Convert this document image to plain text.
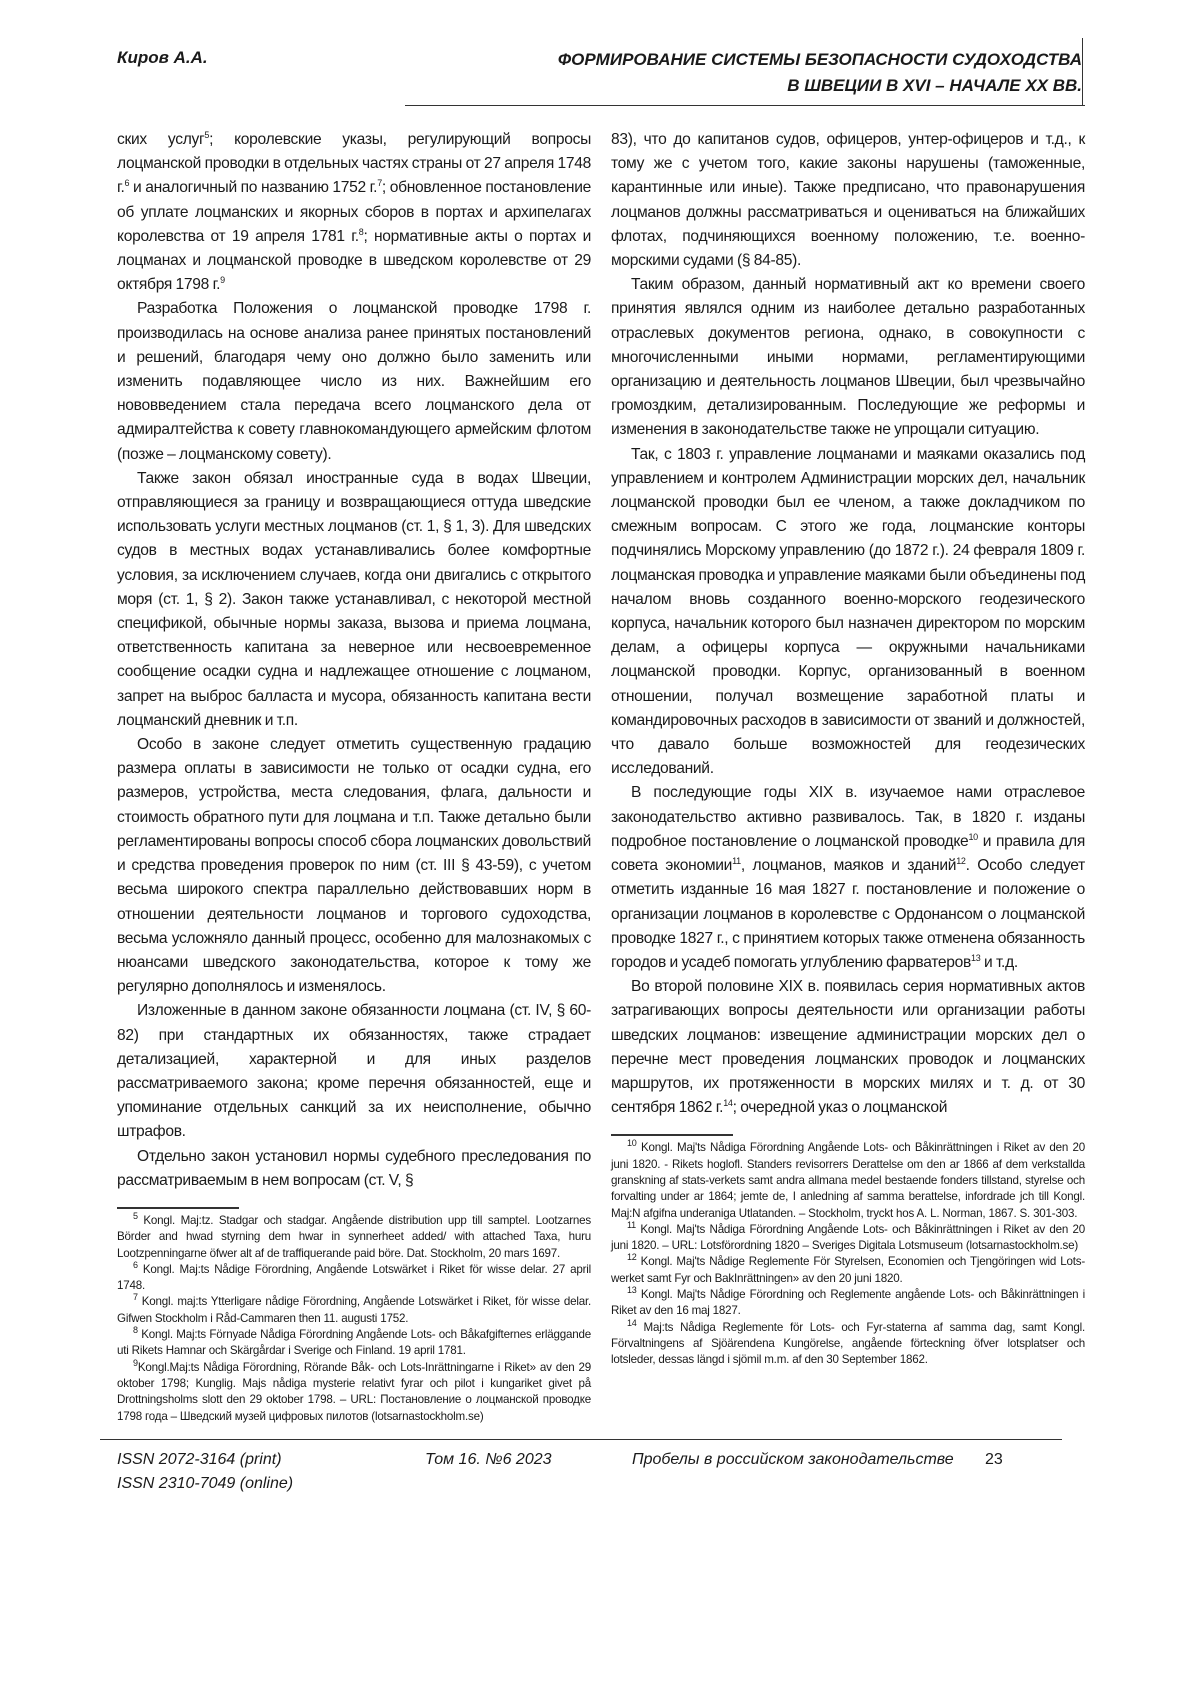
Киров А.А.	ФОРМИРОВАНИЕ СИСТЕМЫ БЕЗОПАСНОСТИ СУДОХОДСТВА
В ШВЕЦИИ В XVI – НАЧАЛЕ XX ВВ.

ских услуг$^5$; королевские указы, регулирующий вопросы лоцманской проводки в отдельных частях страны от 27 апреля 1748 г.$^6$ и аналогичный по названию 1752 г.$^7$; обновленное постановление об уплате лоцманских и якорных сборов в портах и архипелагах королевства от 19 апреля 1781 г.$^8$; нормативные акты о портах и лоцманах и лоцманской проводке в шведском королевстве от 29 октября 1798 г.$^9$

Разработка Положения о лоцманской проводке 1798 г. производилась на основе анализа ранее принятых постановлений и решений, благодаря чему оно должно было заменить или изменить подавляющее число из них. Важнейшим его нововведением стала передача всего лоцманского дела от адмиралтейства к совету главнокомандующего армейским флотом (позже – лоцманскому совету).

Также закон обязал иностранные суда в водах Швеции, отправляющиеся за границу и возвращающиеся оттуда шведские использовать услуги местных лоцманов (ст. 1, § 1, 3). Для шведских судов в местных водах устанавливались более комфортные условия, за исключением случаев, когда они двигались с открытого моря (ст. 1, § 2). Закон также устанавливал, с некоторой местной спецификой, обычные нормы заказа, вызова и приема лоцмана, ответственность капитана за неверное или несвоевременное сообщение осадки судна и надлежащее отношение с лоцманом, запрет на выброс балласта и мусора, обязанность капитана вести лоцманский дневник и т.п.

Особо в законе следует отметить существенную градацию размера оплаты в зависимости не только от осадки судна, его размеров, устройства, места следования, флага, дальности и стоимость обратного пути для лоцмана и т.п. Также детально были регламентированы вопросы способ сбора лоцманских довольствий и средства проведения проверок по ним (ст. III § 43-59), с учетом весьма широкого спектра параллельно действовавших норм в отношении деятельности лоцманов и торгового судоходства, весьма усложняло данный процесс, особенно для малознакомых с нюансами шведского законодательства, которое к тому же регулярно дополнялось и изменялось.

Изложенные в данном законе обязанности лоцмана (ст. IV, § 60-82) при стандартных их обязанностях, также страдает детализацией, характерной и для иных разделов рассматриваемого закона; кроме перечня обязанностей, еще и упоминание отдельных санкций за их неисполнение, обычно штрафов.

Отдельно закон установил нормы судебного преследования по рассматриваемым в нем вопросам (ст. V, §

$^5$ Kongl. Maj:tz. Stadgar och stadgar. Angående distribution upp till samptel. Lootzarnes Börder and hwad styrning dem hwar in synnerheet added/ with attached Taxa, huru Lootzpenningarne öfwer alt af de traffiquerande paid böre. Dat. Stockholm, 20 mars 1697.

$^6$ Kongl. Maj:ts Nådige Förordning, Angående Lotswärket i Riket för wisse delar. 27 april 1748.

$^7$ Kongl. maj:ts Ytterligare nådige Förordning, Angående Lotswärket i Riket, för wisse delar. Gifwen Stockholm i Råd-Cammaren then 11. augusti 1752.

$^8$ Kongl. Maj:ts Förnyade Nådiga Förordning Angående Lots- och Båkafgifternes erläggande uti Rikets Hamnar och Skärgårdar i Sverige och Finland. 19 april 1781.

$^9$Kongl.Maj:ts Nådiga Förordning, Rörande Båk- och Lots-Inrättningarne i Riket» av den 29 oktober 1798; Kunglig. Majs nådiga mysterie relativt fyrar och pilot i kungariket givet på Drottningsholms slott den 29 oktober 1798. – URL: Постановление о лоцманской проводке 1798 года – Шведский музей цифровых пилотов (lotsarnastockholm.se)

83), что до капитанов судов, офицеров, унтер-офицеров и т.д., к тому же с учетом того, какие законы нарушены (таможенные, карантинные или иные). Также предписано, что правонарушения лоцманов должны рассматриваться и оцениваться на ближайших флотах, подчиняющихся военному положению, т.е. военно-морскими судами (§ 84-85).

Таким образом, данный нормативный акт ко времени своего принятия являлся одним из наиболее детально разработанных отраслевых документов региона, однако, в совокупности с многочисленными иными нормами, регламентирующими организацию и деятельность лоцманов Швеции, был чрезвычайно громоздким, детализированным. Последующие же реформы и изменения в законодательстве также не упрощали ситуацию.

Так, с 1803 г. управление лоцманами и маяками оказались под управлением и контролем Администрации морских дел, начальник лоцманской проводки был ее членом, а также докладчиком по смежным вопросам. С этого же года, лоцманские конторы подчинялись Морскому управлению (до 1872 г.). 24 февраля 1809 г. лоцманская проводка и управление маяками были объединены под началом вновь созданного военно-морского геодезического корпуса, начальник которого был назначен директором по морским делам, а офицеры корпуса — окружными начальниками лоцманской проводки. Корпус, организованный в военном отношении, получал возмещение заработной платы и командировочных расходов в зависимости от званий и должностей, что давало больше возможностей для геодезических исследований.

В последующие годы XIX в. изучаемое нами отраслевое законодательство активно развивалось. Так, в 1820 г. изданы подробное постановление о лоцманской проводке$^{10}$ и правила для совета экономии$^{11}$, лоцманов, маяков и зданий$^{12}$. Особо следует отметить изданные 16 мая 1827 г. постановление и положение о организации лоцманов в королевстве с Ордонансом о лоцманской проводке 1827 г., с принятием которых также отменена обязанность городов и усадеб помогать углублению фарватеров$^{13}$ и т.д.

Во второй половине XIX в. появилась серия нормативных актов затрагивающих вопросы деятельности или организации работы шведских лоцманов: извещение администрации морских дел о перечне мест проведения лоцманских проводок и лоцманских маршрутов, их протяженности в морских милях и т. д. от 30 сентября 1862 г.$^{14}$; очередной указ о лоцманской

$^{10}$ Kongl. Maj'ts Nådiga Förordning Angående Lots- och Båkinrättningen i Riket av den 20 juni 1820. - Rikets hoglofl. Standers revisorrers Derattelse om den ar 1866 af dem verkstallda granskning af stats-verkets samt andra allmana medel bestaende fonders tillstand, styrelse och forvalting under ar 1864; jemte de, I anledning af samma berattelse, infordrade jch till Kongl. Maj:N afgifna underaniga Utlatanden. – Stockholm, tryckt hos A. L. Norman, 1867. S. 301-303.

$^{11}$ Kongl. Maj'ts Nådiga Förordning Angående Lots- och Båkinrättningen i Riket av den 20 juni 1820. – URL: Lotsförordning 1820 – Sveriges Digitala Lotsmuseum (lotsarnastockholm.se)

$^{12}$ Kongl. Maj'ts Nådige Reglemente För Styrelsen, Economien och Tjengöringen wid Lots-werket samt Fyr och BakInrättningen» av den 20 juni 1820.

$^{13}$ Kongl. Maj'ts Nådige Förordning och Reglemente angående Lots- och Båkinrättningen i Riket av den 16 maj 1827.

$^{14}$ Maj:ts Nådiga Reglemente för Lots- och Fyr-staterna af samma dag, samt Kongl. Förvaltningens af Sjöärendena Kungörelse, angående förteckning öfver lotsplatser och lotsleder, dessas längd i sjömil m.m. af den 30 September 1862.

ISSN 2072-3164 (print)
ISSN 2310-7049 (online)
Том 16. №6 2023	Пробелы в российском законодательстве 23
